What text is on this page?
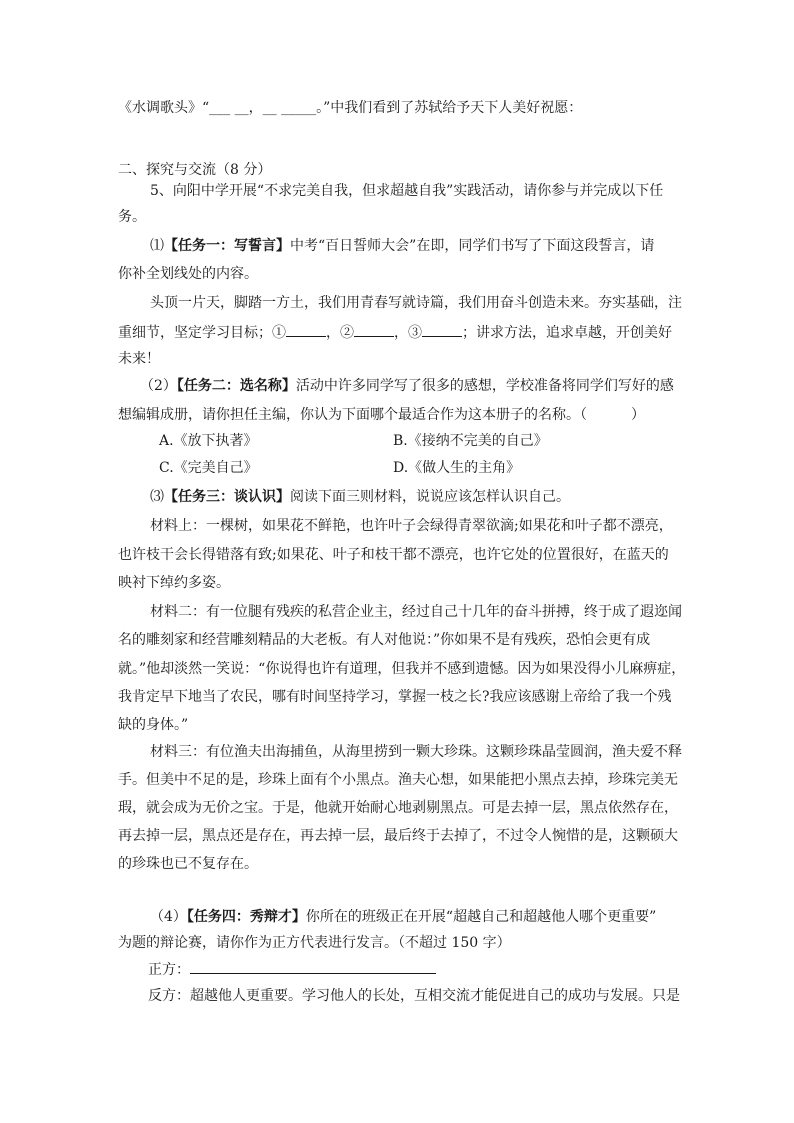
《水调歌头》“___ __，__ _____。”中我们看到了苏轼给予天下人美好祝愿：
二、探究与交流（8 分）
5、向阳中学开展“不求完美自我，但求超越自我”实践活动，请你参与并完成以下任
务。
⑴【任务一：写誓言】中考“百日誓师大会”在即，同学们书写了下面这段誓言，请
你补全划线处的内容。
头顶一片天，脚踏一方土，我们用青春写就诗篇，我们用奋斗创造未来。夯实基础，注
重细节，坚定学习目标；①	，②	，③	；讲求方法，追求卓越，开创美好
未来！
（2）【任务二：选名称】活动中许多同学写了很多的感想，学校准备将同学们写好的感
想编辑成册，请你担任主编，你认为下面哪个最适合作为这本册子的名称。（	）
A.《放下执著》	B.《接纳不完美的自己》
C.《完美自己》	D.《做人生的主角》
⑶【任务三：谈认识】阅读下面三则材料，说说应该怎样认识自己。
材料上：一棵树，如果花不鲜艳，也许叶子会绿得青翠欲滴;如果花和叶子都不漂亮，
也许枝干会长得错落有致;如果花、叶子和枝干都不漂亮，也许它处的位置很好，在蓝天的
映衬下绰约多姿。
材料二：有一位腿有残疾的私营企业主，经过自己十几年的奋斗拼搏，终于成了遐迩闻
名的雕刻家和经营雕刻精品的大老板。有人对他说：”你如果不是有残疾，恐怕会更有成
就。”他却淡然一笑说：“你说得也许有道理，但我并不感到遗憾。因为如果没得小儿麻痹症，
我肯定早下地当了农民，哪有时间坚持学习，掌握一枝之长?我应该感谢上帝给了我一个残
缺的身体。”
材料三：有位渔夫出海捕鱼，从海里捞到一颗大珍珠。这颗珍珠晶莹圆润，渔夫爱不释
手。但美中不足的是，珍珠上面有个小黑点。渔夫心想，如果能把小黑点去掉，珍珠完美无
瑕，就会成为无价之宝。于是，他就开始耐心地剥剔黑点。可是去掉一层，黑点依然存在，
再去掉一层，黑点还是存在，再去掉一层，最后终于去掉了，不过令人惋惜的是，这颗硕大
的珍珠也已不复存在。
（4）【任务四：秀辩才】你所在的班级正在开展“超越自己和超越他人哪个更重要”
为题的辩论赛，请你作为正方代表进行发言。（不超过 150 字）
正方：
反方：超越他人更重要。学习他人的长处，互相交流才能促进自己的成功与发展。只是
